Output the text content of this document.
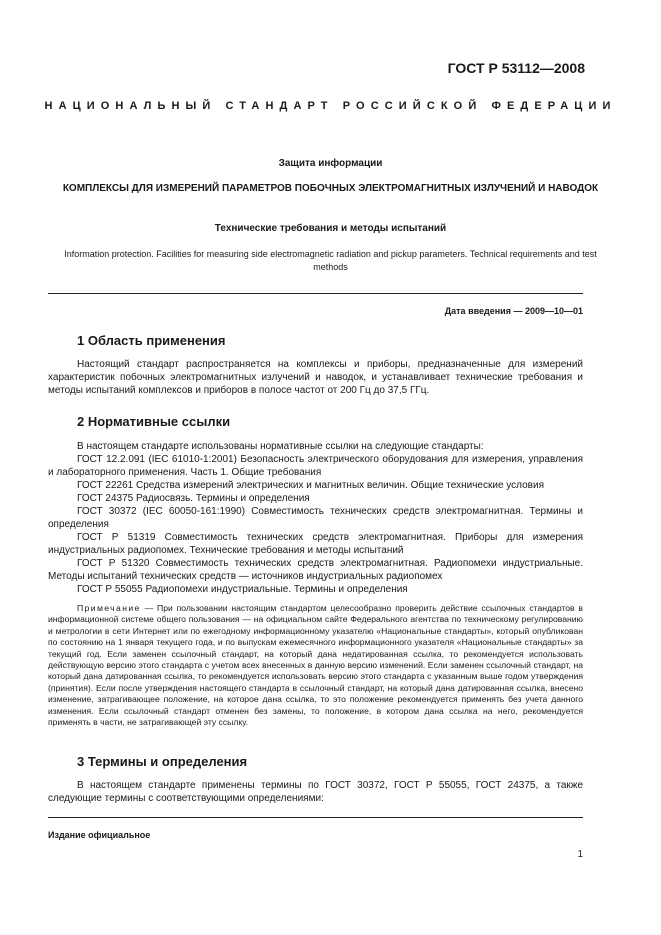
ГОСТ Р 53112—2008
НАЦИОНАЛЬНЫЙ СТАНДАРТ РОССИЙСКОЙ ФЕДЕРАЦИИ
Защита информации
КОМПЛЕКСЫ ДЛЯ ИЗМЕРЕНИЙ ПАРАМЕТРОВ ПОБОЧНЫХ ЭЛЕКТРОМАГНИТНЫХ ИЗЛУЧЕНИЙ И НАВОДОК
Технические требования и методы испытаний
Information protection. Facilities for measuring side electromagnetic radiation and pickup parameters. Technical requirements and test methods
Дата введения — 2009—10—01
1 Область применения

Настоящий стандарт распространяется на комплексы и приборы, предназначенные для измерений характеристик побочных электромагнитных излучений и наводок, и устанавливает технические требования и методы испытаний комплексов и приборов в полосе частот от 200 Гц до 37,5 ГГц.

2 Нормативные ссылки

В настоящем стандарте использованы нормативные ссылки на следующие стандарты:

ГОСТ 12.2.091 (IEC 61010-1:2001) Безопасность электрического оборудования для измерения, управления и лабораторного применения. Часть 1. Общие требования

ГОСТ 22261 Средства измерений электрических и магнитных величин. Общие технические условия

ГОСТ 24375 Радиосвязь. Термины и определения

ГОСТ 30372 (IEC 60050-161:1990) Совместимость технических средств электромагнитная. Термины и определения

ГОСТ Р 51319 Совместимость технических средств электромагнитная. Приборы для измерения индустриальных радиопомех. Технические требования и методы испытаний

ГОСТ Р 51320 Совместимость технических средств электромагнитная. Радиопомехи индустриальные. Методы испытаний технических средств — источников индустриальных радиопомех

ГОСТ Р 55055 Радиопомехи индустриальные. Термины и определения

Примечание — При пользовании настоящим стандартом целесообразно проверить действие ссылочных стандартов в информационной системе общего пользования — на официальном сайте Федерального агентства по техническому регулированию и метрологии в сети Интернет или по ежегодному информационному указателю «Национальные стандарты», который опубликован по состоянию на 1 января текущего года, и по выпускам ежемесячного информационного указателя «Национальные стандарты» за текущий год. Если заменен ссылочный стандарт, на который дана недатированная ссылка, то рекомендуется использовать действующую версию этого стандарта с учетом всех внесенных в данную версию изменений. Если заменен ссылочный стандарт, на который дана датированная ссылка, то рекомендуется использовать версию этого стандарта с указанным выше годом утверждения (принятия). Если после утверждения настоящего стандарта в ссылочный стандарт, на который дана датированная ссылка, внесено изменение, затрагивающее положение, на которое дана ссылка, то это положение рекомендуется применять без учета данного изменения. Если ссылочный стандарт отменен без замены, то положение, в котором дана ссылка на него, рекомендуется применять в части, не затрагивающей эту ссылку.

3 Термины и определения

В настоящем стандарте применены термины по ГОСТ 30372, ГОСТ Р 55055, ГОСТ 24375, а также следующие термины с соответствующими определениями:

Издание официальное
1
